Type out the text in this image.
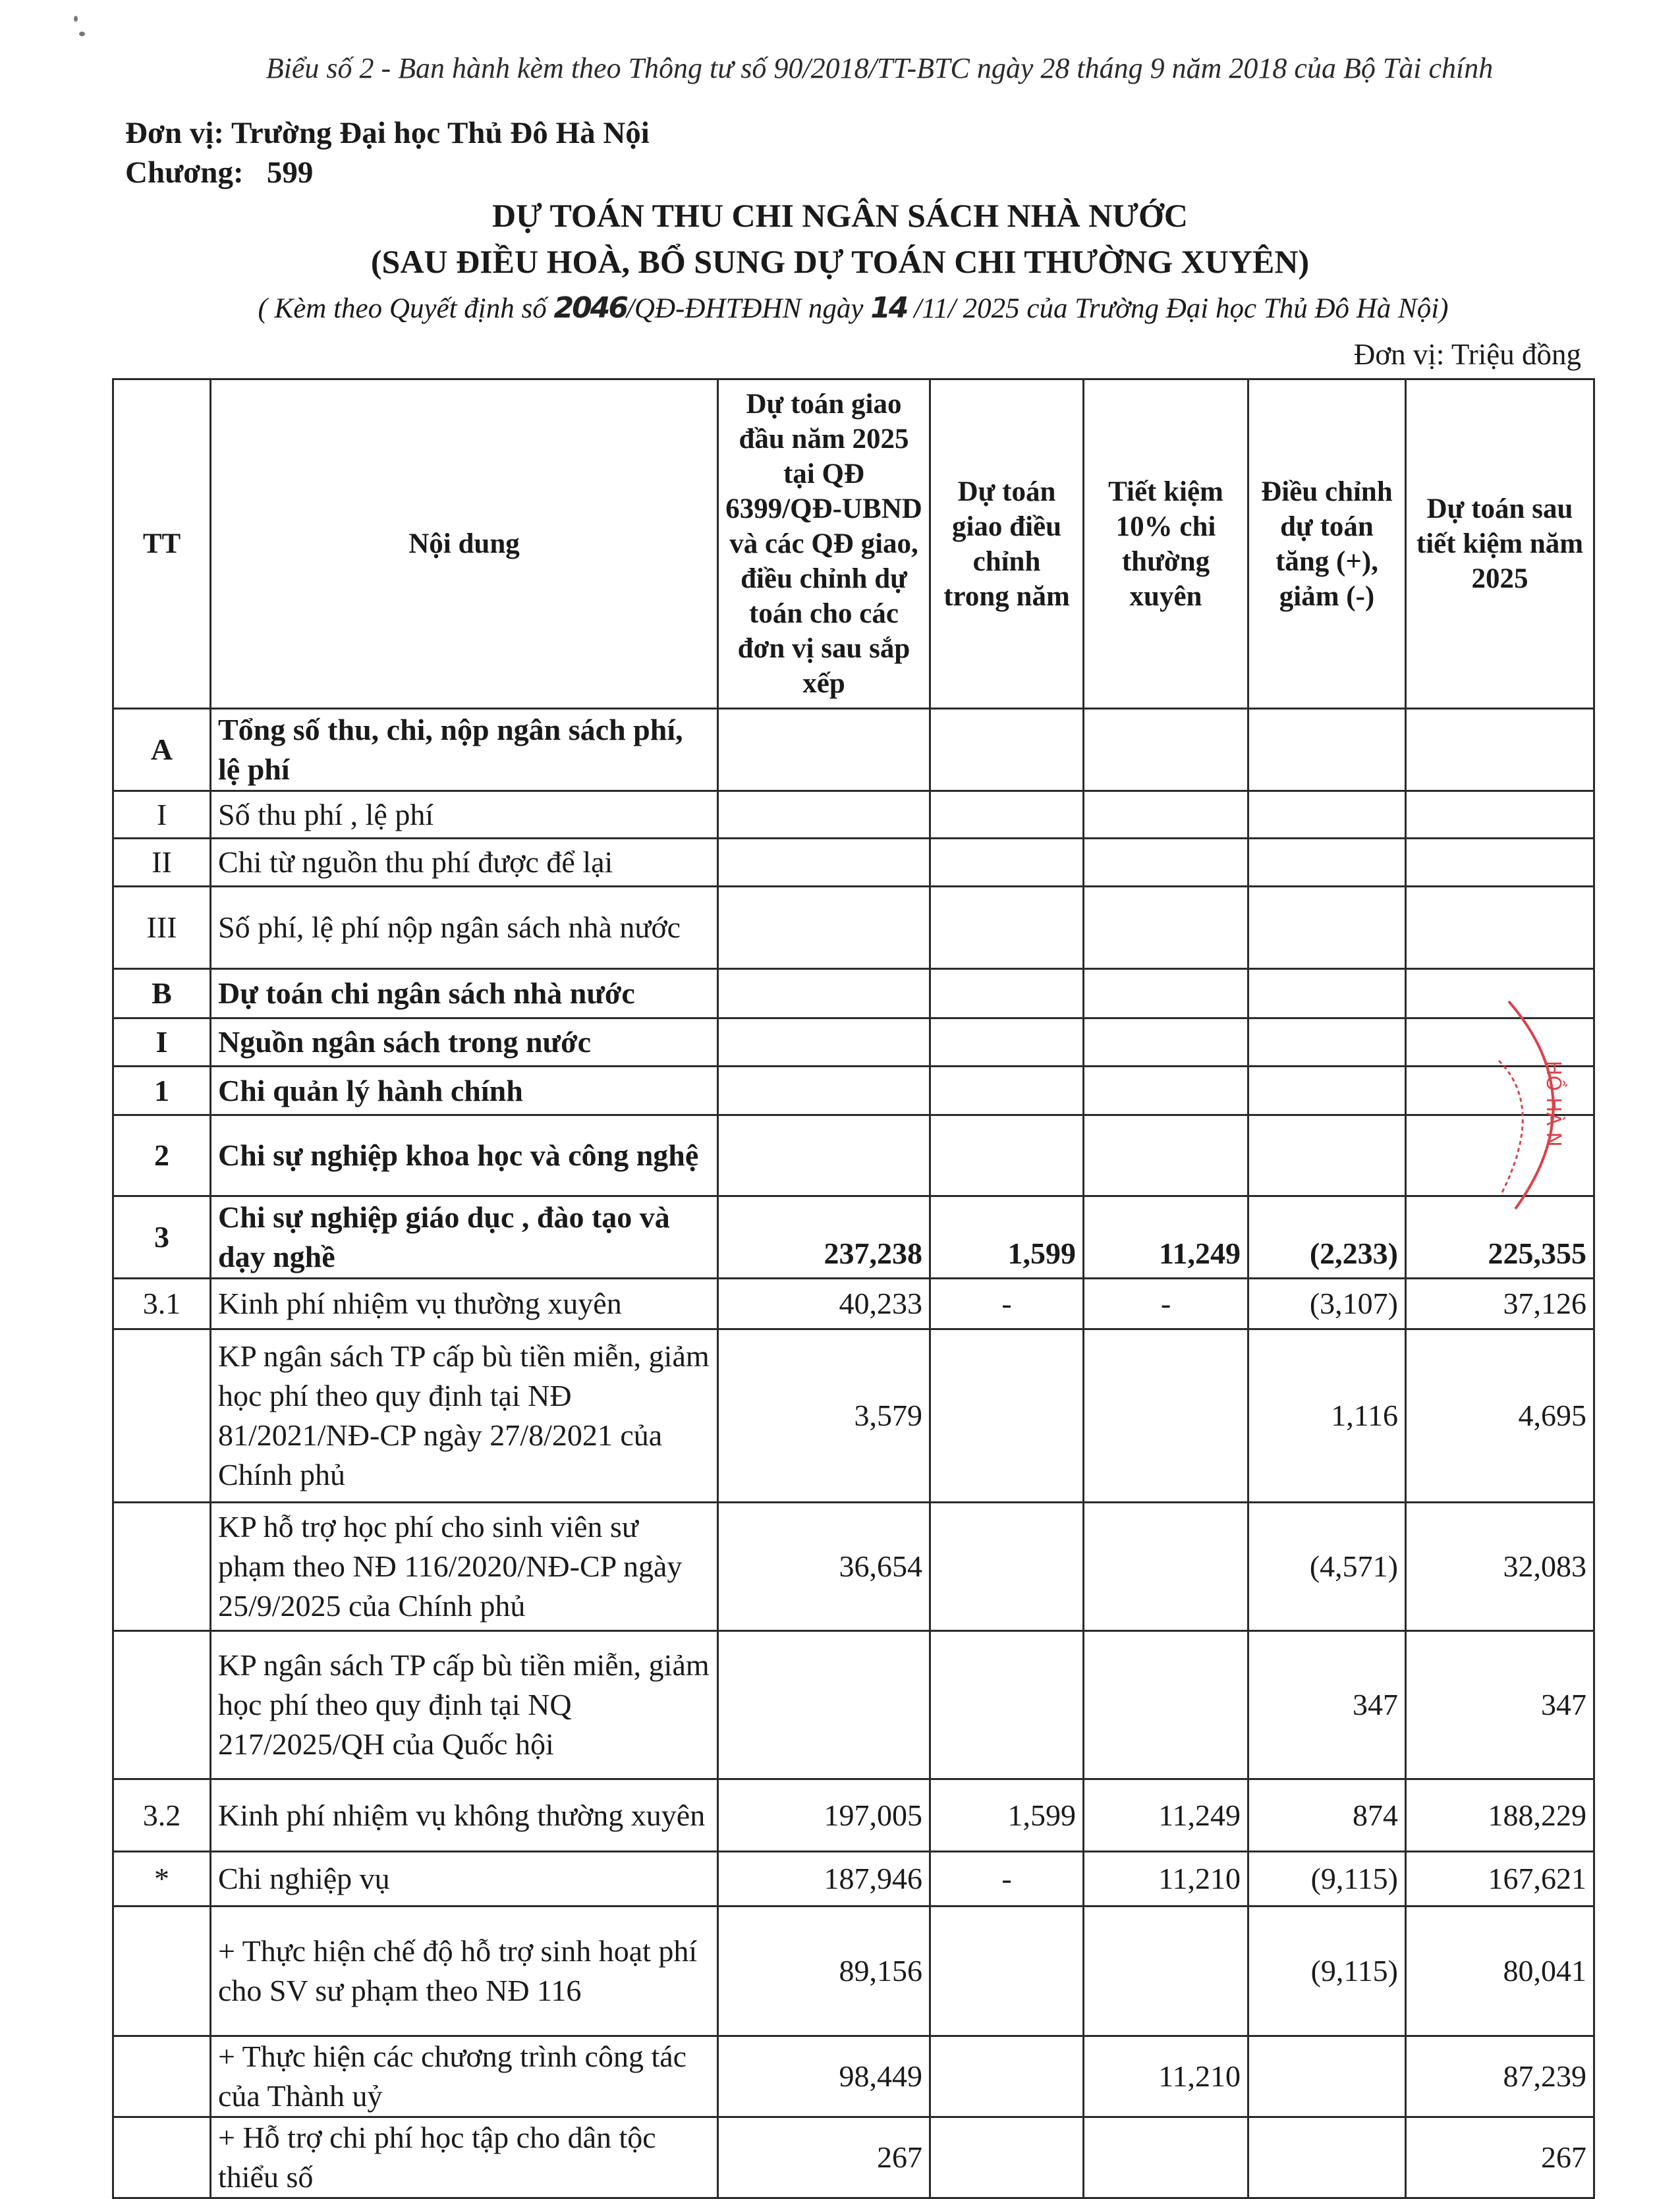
Biểu số 2 - Ban hành kèm theo Thông tư số 90/2018/TT-BTC ngày 28 tháng 9 năm 2018 của Bộ Tài chính
Đơn vị: Trường Đại học Thủ Đô Hà Nội
Chương:   599
DỰ TOÁN THU CHI NGÂN SÁCH NHÀ NƯỚC
(SAU ĐIỀU HOÀ, BỔ SUNG DỰ TOÁN CHI THƯỜNG XUYÊN)
( Kèm theo Quyết định số 2046/QĐ-ĐHTĐHN ngày 14 /11/ 2025 của Trường Đại học Thủ Đô Hà Nội)
Đơn vị: Triệu đồng
TT	Nội dung	Dự toán giao đầu năm 2025 tại QĐ 6399/QĐ-UBND và các QĐ giao, điều chỉnh dự toán cho các đơn vị sau sắp xếp	Dự toán giao điều chỉnh trong năm	Tiết kiệm 10% chi thường xuyên	Điều chỉnh dự toán tăng (+), giảm (-)	Dự toán sau tiết kiệm năm 2025
A	Tổng số thu, chi, nộp ngân sách phí, lệ phí					
I	Số thu phí , lệ phí					
II	Chi từ nguồn thu phí được để lại					
III	Số phí, lệ phí nộp ngân sách nhà nước					
B	Dự toán chi ngân sách nhà nước					
I	Nguồn ngân sách trong nước					
1	Chi quản lý hành chính					
2	Chi sự nghiệp khoa học và công nghệ					
3	Chi sự nghiệp giáo dục , đào tạo và dạy nghề	237,238	1,599	11,249	(2,233)	225,355
3.1	Kinh phí nhiệm vụ thường xuyên	40,233	-	-	(3,107)	37,126
	KP ngân sách TP cấp bù tiền miễn, giảm học phí theo quy định tại NĐ 81/2021/NĐ-CP ngày 27/8/2021 của Chính phủ	3,579			1,116	4,695
	KP hỗ trợ học phí cho sinh viên sư phạm theo NĐ 116/2020/NĐ-CP ngày 25/9/2025 của Chính phủ	36,654			(4,571)	32,083
	KP ngân sách TP cấp bù tiền miễn, giảm học phí theo quy định tại NQ 217/2025/QH của Quốc hội				347	347
3.2	Kinh phí nhiệm vụ không thường xuyên	197,005	1,599	11,249	874	188,229
*	Chi nghiệp vụ	187,946	-	11,210	(9,115)	167,621
	+ Thực hiện chế độ hỗ trợ sinh hoạt phí cho SV sư phạm theo NĐ 116	89,156			(9,115)	80,041
	+ Thực hiện các chương trình công tác của Thành uỷ	98,449		11,210		87,239
	+ Hỗ trợ chi phí học tập cho dân tộc thiểu số	267				267
HỒ HÀ N
